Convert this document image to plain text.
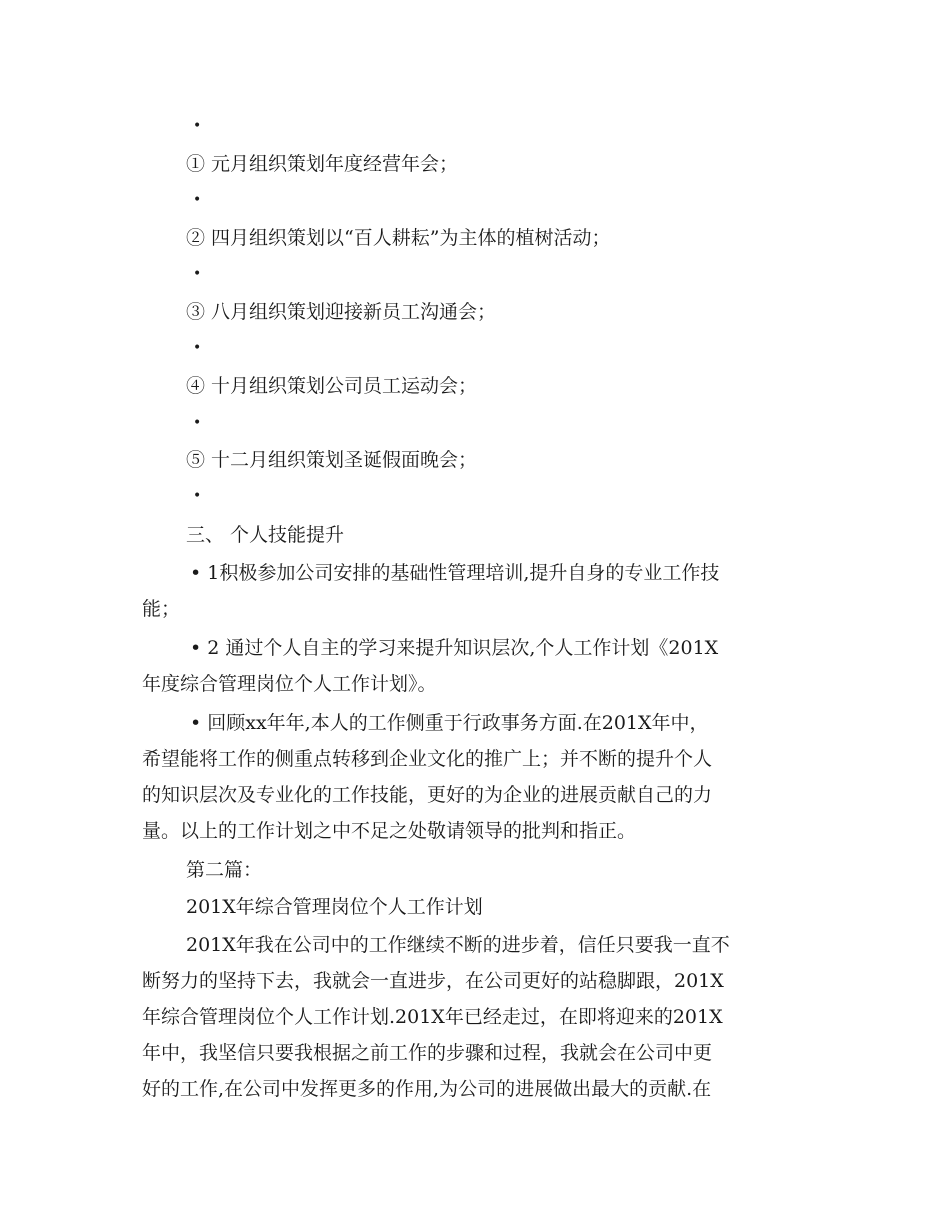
•
① 元月组织策划年度经营年会；
•
② 四月组织策划以“百人耕耘”为主体的植树活动；
•
③ 八月组织策划迎接新员工沟通会；
•
④ 十月组织策划公司员工运动会；
•
⑤ 十二月组织策划圣诞假面晚会；
•
三、 个人技能提升
• 1积极参加公司安排的基础性管理培训,提升自身的专业工作技
能；
• 2 通过个人自主的学习来提升知识层次,个人工作计划《201X
年度综合管理岗位个人工作计划》。
• 回顾xx年年,本人的工作侧重于行政事务方面.在201X年中，
希望能将工作的侧重点转移到企业文化的推广上；并不断的提升个人
的知识层次及专业化的工作技能，更好的为企业的进展贡献自己的力
量。以上的工作计划之中不足之处敬请领导的批判和指正。
第二篇：
201X年综合管理岗位个人工作计划
201X年我在公司中的工作继续不断的进步着，信任只要我一直不
断努力的坚持下去，我就会一直进步，在公司更好的站稳脚跟，201X
年综合管理岗位个人工作计划.201X年已经走过，在即将迎来的201X
年中，我坚信只要我根据之前工作的步骤和过程，我就会在公司中更
好的工作,在公司中发挥更多的作用,为公司的进展做出最大的贡献.在
